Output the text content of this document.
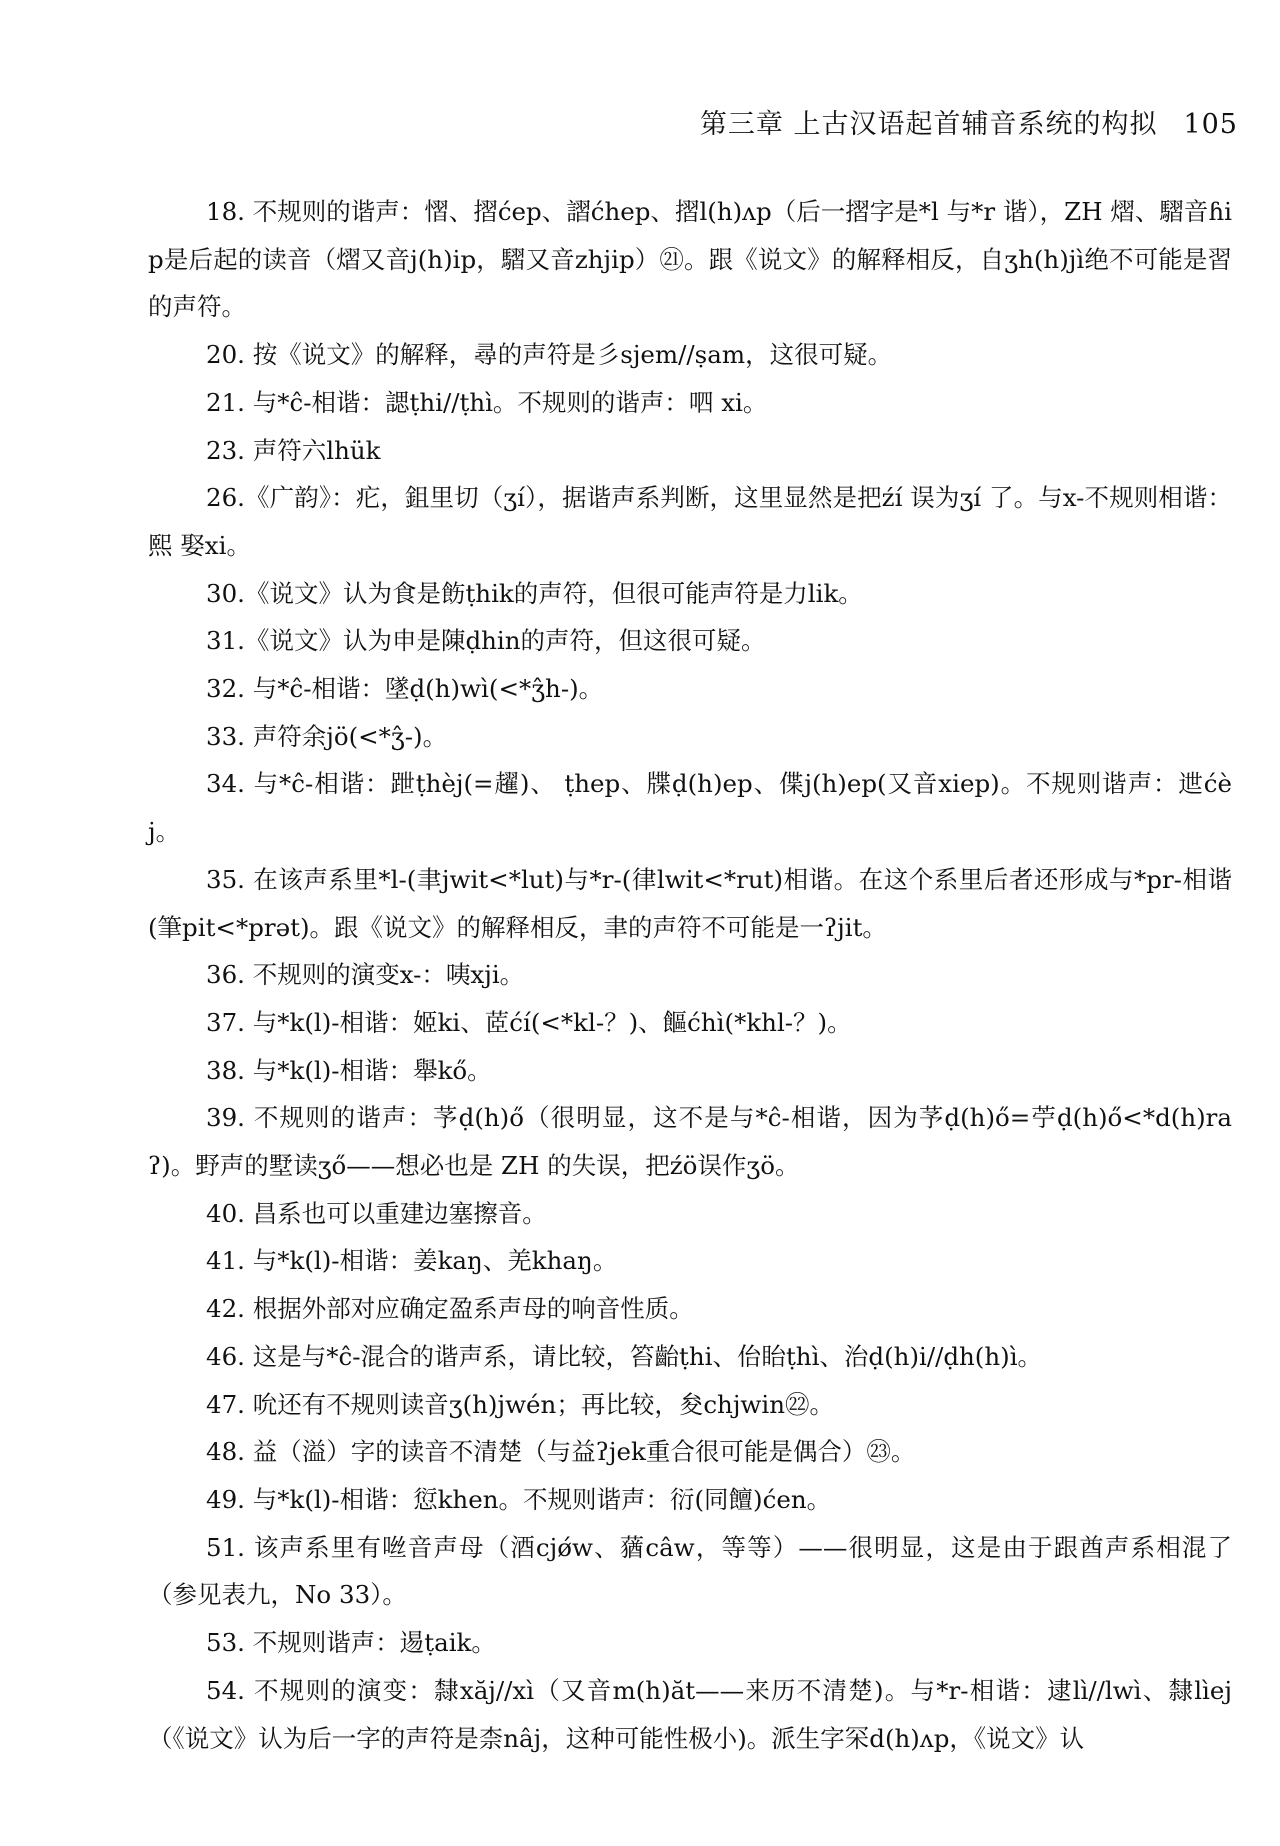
第三章 上古汉语起首辅音系统的构拟 105
18. 不规则的谐声：慴、摺ćep、謵ćhep、摺l(h)ʌp（后一摺字是*l 与*r 谐），ZH 熠、騽音ɦip是后起的读音（熠又音j(h)ip，騽又音zhjip）㉑。跟《说文》的解释相反，自ʒh(h)jì绝不可能是習的声符。
20. 按《说文》的解释，尋的声符是彡sjem//ṣam，这很可疑。
21. 与*ĉ-相谐：諰ṭhi//ṭhì。不规则的谐声：呬 xi。
23. 声符六lhük
26.《广韵》：疕，鉏里切（ʒí），据谐声系判断，这里显然是把źí 误为ʒí 了。与x-不规则相谐：熙 娶xi。
30.《说文》认为食是飭ṭhik的声符，但很可能声符是力lik。
31.《说文》认为申是陳ḍhin的声符，但这很可疑。
32. 与*ĉ-相谐：墜ḍ(h)wì(<*ʒ̂h-)。
33. 声符余jö(<*ʒ̂-)。
34. 与*ĉ-相谐：跇ṭhèj(=趯)、 ṭhep、牒ḍ(h)ep、偞j(h)ep(又音xiep)。不规则谐声：迣ćèj。
35. 在该声系里*l-(聿jwit<*lut)与*r-(律lwit<*rut)相谐。在这个系里后者还形成与*pr-相谐(筆pit<*prət)。跟《说文》的解释相反，聿的声符不可能是一ʔjit。
36. 不规则的演变x-：咦xji。
37. 与*k(l)-相谐：姬ki、茝ćí(<*kl-？)、饇ćhì(*khl-？)。
38. 与*k(l)-相谐：舉kő。
39. 不规则的谐声：芧ḍ(h)ő（很明显，这不是与*ĉ-相谐，因为芧ḍ(h)ő=苧ḍ(h)ő<*d(h)raʔ)。野声的墅读ʒő——想必也是 ZH 的失误，把źö误作ʒö。
40. 昌系也可以重建边塞擦音。
41. 与*k(l)-相谐：姜kaŋ、羌khaŋ。
42. 根据外部对应确定盈系声母的响音性质。
46. 这是与*ĉ-混合的谐声系，请比较，笞齝ṭhi、佁眙ṭhì、治ḍ(h)i//ḍh(h)ì。
47. 吮还有不规则读音ʒ(h)jwén；再比较，夋chjwin㉒。
48. 益（溢）字的读音不清楚（与益ʔjek重合很可能是偶合）㉓。
49. 与*k(l)-相谐：愆khen。不规则谐声：衍(同饘)ćen。
51. 该声系里有咝音声母（酒cjǿw、蕕câw，等等）——很明显，这是由于跟酋声系相混了（参见表九，No 33）。
53. 不规则谐声：逷ṭaik。
54. 不规则的演变：隸xăj//xì（又音m(h)ăt——来历不清楚)。与*r-相谐：逮lì//lwì、隸lìej（《说文》认为后一字的声符是柰nâj，这种可能性极小)。派生字罙d(h)ʌp，《说文》认
